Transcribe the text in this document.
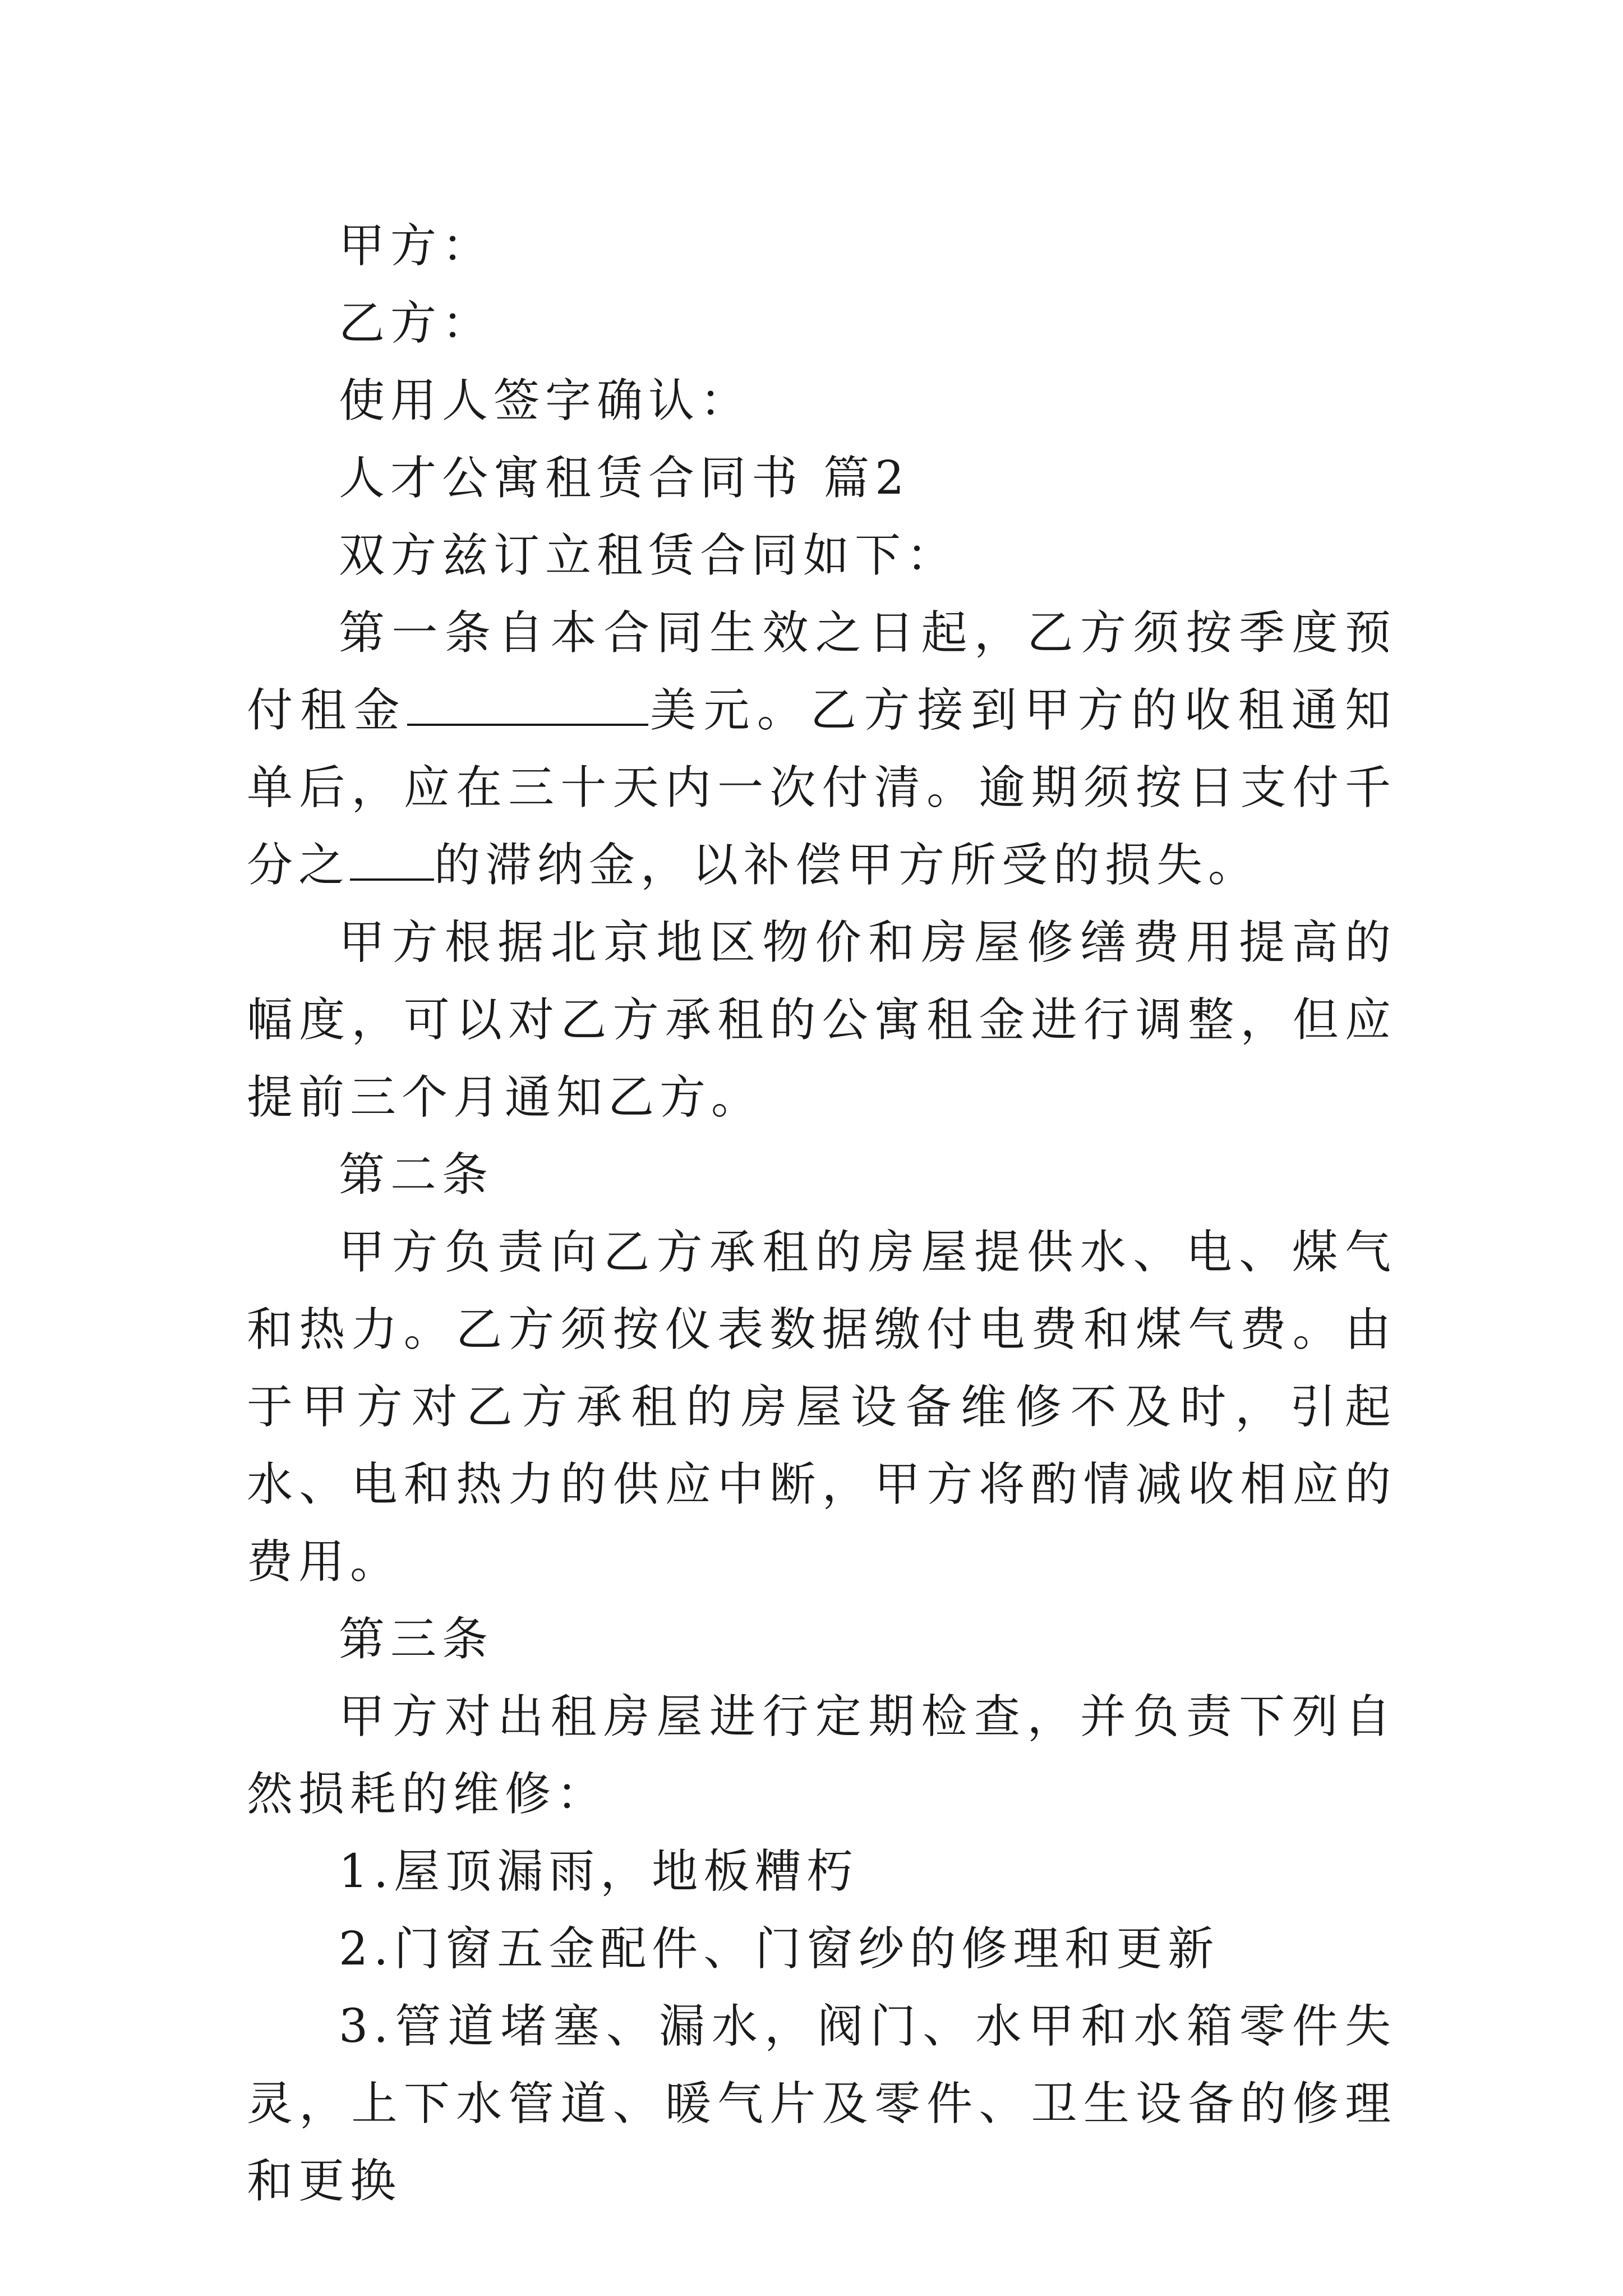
甲方：

乙方：

使用人签字确认：

人才公寓租赁合同书 篇2

双方兹订立租赁合同如下：

第一条自本合同生效之日起，乙方须按季度预付租金	美元。乙方接到甲方的收租通知单后，应在三十天内一次付清。逾期须按日支付千分之 的滞纳金，以补偿甲方所受的损失。

甲方根据北京地区物价和房屋修缮费用提高的幅度，可以对乙方承租的公寓租金进行调整，但应提前三个月通知乙方。

第二条

甲方负责向乙方承租的房屋提供水、电、煤气和热力。乙方须按仪表数据缴付电费和煤气费。由于甲方对乙方承租的房屋设备维修不及时，引起水、电和热力的供应中断，甲方将酌情减收相应的费用。

第三条

甲方对出租房屋进行定期检查，并负责下列自然损耗的维修：

1.屋顶漏雨，地板糟朽

2.门窗五金配件、门窗纱的修理和更新

3.管道堵塞、漏水，阀门、水甲和水箱零件失灵，上下水管道、暖气片及零件、卫生设备的修理和更换
